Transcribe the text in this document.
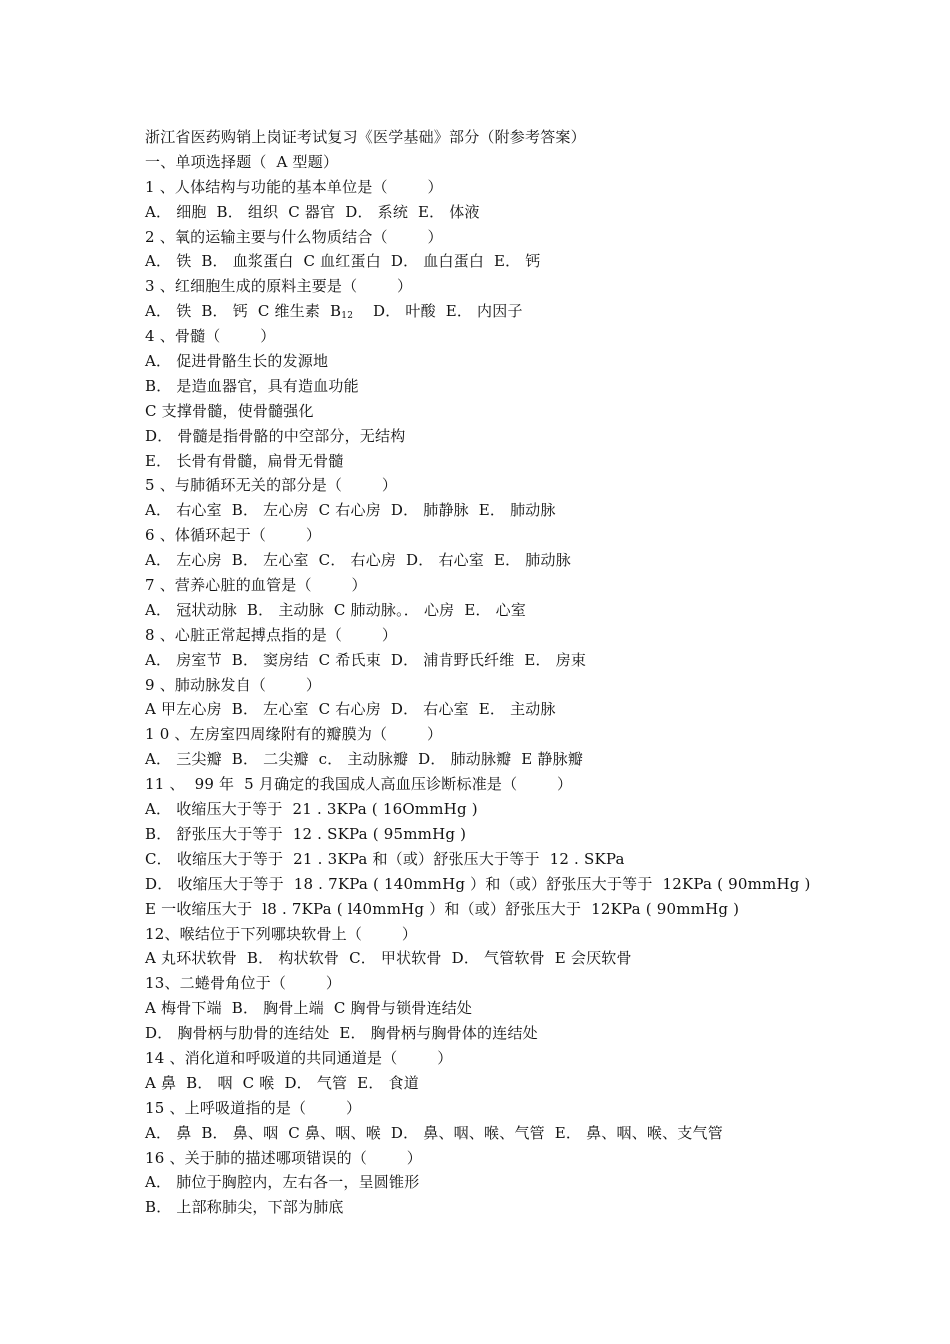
浙江省医药购销上岗证考试复习《医学基础》部分（附参考答案）
一、单项选择题（  A 型题）
1 、人体结构与功能的基本单位是（        ）
A． 细胞  B． 组织  C 器官  D． 系统  E． 体液
2 、氧的运输主要与什么物质结合（        ）
A． 铁  B． 血浆蛋白  C 血红蛋白  D． 血白蛋白  E． 钙
3 、红细胞生成的原料主要是（        ）
A． 铁  B． 钙  C 维生素  $B_{12}$    D． 叶酸  E． 内因子
4 、骨髓（        ）
A． 促进骨骼生长的发源地
B． 是造血器官，具有造血功能
C 支撑骨髓，使骨髓强化
D． 骨髓是指骨骼的中空部分，无结构
E． 长骨有骨髓，扁骨无骨髓
5 、与肺循环无关的部分是（        ）
A． 右心室  B． 左心房  C 右心房  D． 肺静脉  E． 肺动脉
6 、体循环起于（        ）
A． 左心房  B． 左心室  C． 右心房  D． 右心室  E． 肺动脉
7 、营养心脏的血管是（        ）
A． 冠状动脉  B． 主动脉  C 肺动脉。． 心房  E． 心室
8 、心脏正常起搏点指的是（        ）
A． 房室节  B． 窦房结  C 希氏束  D． 浦肯野氏纤维  E． 房束
9 、肺动脉发自（        ）
A 甲左心房  B． 左心室  C 右心房  D． 右心室  E． 主动脉
1 0 、左房室四周缘附有的瓣膜为（        ）
A． 三尖瓣  B． 二尖瓣  c． 主动脉瓣  D． 肺动脉瓣  E 静脉瓣
11 、  99 年  5 月确定的我国成人高血压诊断标准是（        ）
A． 收缩压大于等于  21 . 3KPa ( 16OmmHg )
B． 舒张压大于等于  12 . SKPa ( 95mmHg )
C． 收缩压大于等于  21 . 3KPa 和（或）舒张压大于等于  12 . SKPa
D． 收缩压大于等于  18 . 7KPa ( 140mmHg ）和（或）舒张压大于等于  12KPa ( 90mmHg )
E 一收缩压大于  l8 . 7KPa ( l40mmHg ）和（或）舒张压大于  12KPa ( 90mmHg )
12、喉结位于下列哪块软骨上（        ）
A 丸环状软骨  B． 构状软骨  C． 甲状软骨  D． 气管软骨  E 会厌软骨
13、二蜷骨角位于（        ）
A 梅骨下端  B． 胸骨上端  C 胸骨与锁骨连结处
D． 胸骨柄与肋骨的连结处  E． 胸骨柄与胸骨体的连结处
14 、消化道和呼吸道的共同通道是（        ）
A 鼻  B． 咽  C 喉  D． 气管  E． 食道
15 、上呼吸道指的是（        ）
A． 鼻  B． 鼻、咽  C 鼻、咽、喉  D． 鼻、咽、喉、气管  E． 鼻、咽、喉、支气管
16 、关于肺的描述哪项错误的（        ）
A． 肺位于胸腔内，左右各一，呈圆锥形
B． 上部称肺尖，下部为肺底
